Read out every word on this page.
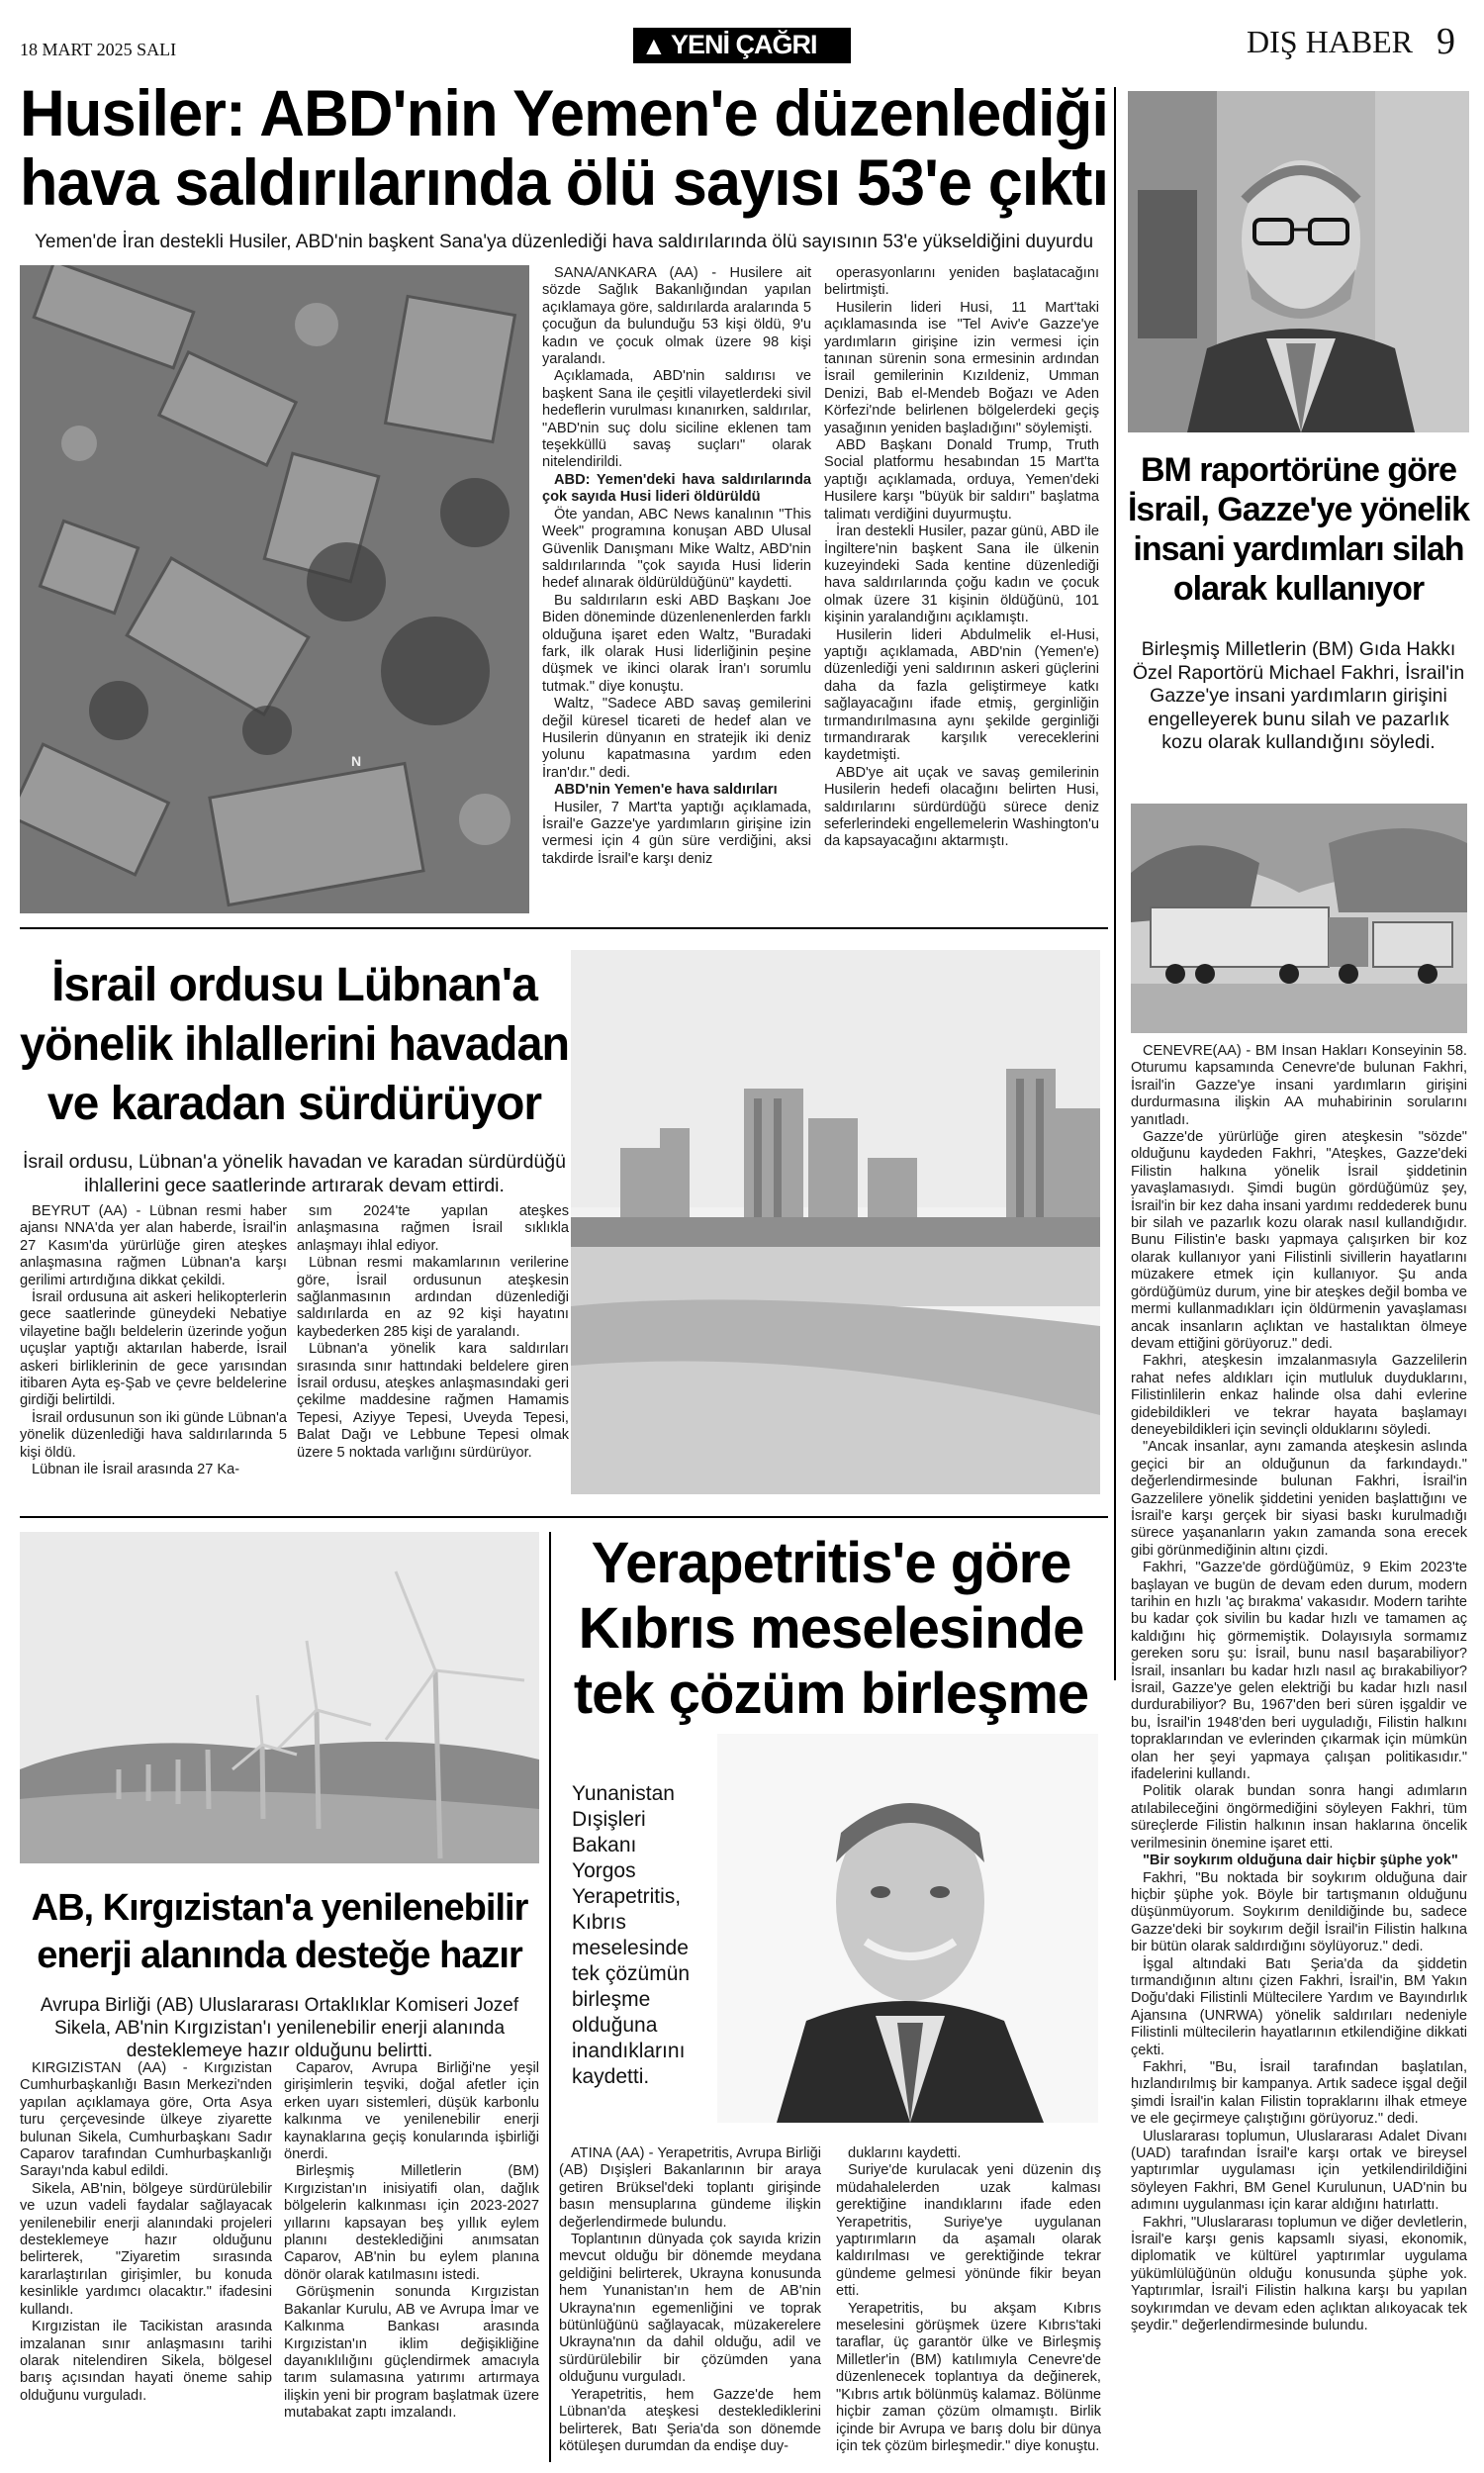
18 MART 2025 SALI	▲ YENİ ÇAĞRI	DIŞ HABER 9
Husiler: ABD'nin Yemen'e düzenlediği
hava saldırılarında ölü sayısı 53'e çıktı
Yemen'de İran destekli Husiler, ABD'nin başkent Sana'ya düzenlediği hava saldırılarında ölü sayısının 53'e yükseldiğini duyurdu
N

SANA/ANKARA (AA) - Husilere ait sözde Sağlık Bakanlığından yapılan açıklamaya göre, saldırılarda aralarında 5 çocuğun da bulunduğu 53 kişi öldü, 9'u kadın ve çocuk olmak üzere 98 kişi yaralandı.

Açıklamada, ABD'nin saldırısı ve başkent Sana ile çeşitli vilayetlerdeki sivil hedeflerin vurulması kınanırken, saldırılar, "ABD'nin suç dolu siciline eklenen tam teşekküllü savaş suçları" olarak nitelendirildi.

ABD: Yemen'deki hava saldırılarında çok sayıda Husi lideri öldürüldü

Öte yandan, ABC News kanalının "This Week" programına konuşan ABD Ulusal Güvenlik Danışmanı Mike Waltz, ABD'nin saldırılarında "çok sayıda Husi liderin hedef alınarak öldürüldüğünü" kaydetti.

Bu saldırıların eski ABD Başkanı Joe Biden döneminde düzenlenenlerden farklı olduğuna işaret eden Waltz, "Buradaki fark, ilk olarak Husi liderliğinin peşine düşmek ve ikinci olarak İran'ı sorumlu tutmak." diye konuştu.

Waltz, "Sadece ABD savaş gemilerini değil küresel ticareti de hedef alan ve Husilerin dünyanın en stratejik iki deniz yolunu kapatmasına yardım eden İran'dır." dedi.

ABD'nin Yemen'e hava saldırıları

Husiler, 7 Mart'ta yaptığı açıklamada, İsrail'e Gazze'ye yardımların girişine izin vermesi için 4 gün süre verdiğini, aksi takdirde İsrail'e karşı deniz

operasyonlarını yeniden başlatacağını belirtmişti.

Husilerin lideri Husi, 11 Mart'taki açıklamasında ise "Tel Aviv'e Gazze'ye yardımların girişine izin vermesi için tanınan sürenin sona ermesinin ardından İsrail gemilerinin Kızıldeniz, Umman Denizi, Bab el-Mendeb Boğazı ve Aden Körfezi'nde belirlenen bölgelerdeki geçiş yasağının yeniden başladığını" söylemişti.

ABD Başkanı Donald Trump, Truth Social platformu hesabından 15 Mart'ta yaptığı açıklamada, orduya, Yemen'deki Husilere karşı "büyük bir saldırı" başlatma talimatı verdiğini duyurmuştu.

İran destekli Husiler, pazar günü, ABD ile İngiltere'nin başkent Sana ile ülkenin kuzeyindeki Sada kentine düzenlediği hava saldırılarında çoğu kadın ve çocuk olmak üzere 31 kişinin öldüğünü, 101 kişinin yaralandığını açıklamıştı.

Husilerin lideri Abdulmelik el-Husi, yaptığı açıklamada, ABD'nin (Yemen'e) düzenlediği yeni saldırının askeri güçlerini daha da fazla geliştirmeye katkı sağlayacağını ifade etmiş, gerginliğin tırmandırılmasına aynı şekilde gerginliği tırmandırarak karşılık vereceklerini kaydetmişti.

ABD'ye ait uçak ve savaş gemilerinin Husilerin hedefi olacağını belirten Husi, saldırılarını sürdürdüğü sürece deniz seferlerindeki engellemelerin Washington'u da kapsayacağını aktarmıştı.

BM raportörüne göre
İsrail, Gazze'ye yönelik
insani yardımları silah
olarak kullanıyor
Birleşmiş Milletlerin (BM) Gıda Hakkı Özel Raportörü Michael Fakhri, İsrail'in Gazze'ye insani yardımların girişini engelleyerek bunu silah ve pazarlık kozu olarak kullandığını söyledi.

CENEVRE(AA) - BM İnsan Hakları Konseyinin 58. Oturumu kapsamında Cenevre'de bulunan Fakhri, İsrail'in Gazze'ye insani yardımların girişini durdurmasına ilişkin AA muhabirinin sorularını yanıtladı.

Gazze'de yürürlüğe giren ateşkesin "sözde" olduğunu kaydeden Fakhri, "Ateşkes, Gazze'deki Filistin halkına yönelik İsrail şiddetinin yavaşlamasıydı. Şimdi bugün gördüğümüz şey, İsrail'in bir kez daha insani yardımı reddederek bunu bir silah ve pazarlık kozu olarak nasıl kullandığıdır. Bunu Filistin'e baskı yapmaya çalışırken bir koz olarak kullanıyor yani Filistinli sivillerin hayatlarını müzakere etmek için kullanıyor. Şu anda gördüğümüz durum, yine bir ateşkes değil bomba ve mermi kullanmadıkları için öldürmenin yavaşlaması ancak insanların açlıktan ve hastalıktan ölmeye devam ettiğini görüyoruz." dedi.

Fakhri, ateşkesin imzalanmasıyla Gazzelilerin rahat nefes aldıkları için mutluluk duyduklarını, Filistinlilerin enkaz halinde olsa dahi evlerine gidebildikleri ve tekrar hayata başlamayı deneyebildikleri için sevinçli olduklarını söyledi.

"Ancak insanlar, aynı zamanda ateşkesin aslında geçici bir an olduğunun da farkındaydı." değerlendirmesinde bulunan Fakhri, İsrail'in Gazzelilere yönelik şiddetini yeniden başlattığını ve İsrail'e karşı gerçek bir siyasi baskı kurulmadığı sürece yaşananların yakın zamanda sona erecek gibi görünmediğinin altını çizdi.

Fakhri, "Gazze'de gördüğümüz, 9 Ekim 2023'te başlayan ve bugün de devam eden durum, modern tarihin en hızlı 'aç bırakma' vakasıdır. Modern tarihte bu kadar çok sivilin bu kadar hızlı ve tamamen aç kaldığını hiç görmemiştik. Dolayısıyla sormamız gereken soru şu: İsrail, bunu nasıl başarabiliyor? İsrail, insanları bu kadar hızlı nasıl aç bırakabiliyor? İsrail, Gazze'ye gelen elektriği bu kadar hızlı nasıl durdurabiliyor? Bu, 1967'den beri süren işgaldir ve bu, İsrail'in 1948'den beri uyguladığı, Filistin halkını topraklarından ve evlerinden çıkarmak için mümkün olan her şeyi yapmaya çalışan politikasıdır." ifadelerini kullandı.

Politik olarak bundan sonra hangi adımların atılabileceğini öngörmediğini söyleyen Fakhri, tüm süreçlerde Filistin halkının insan haklarına öncelik verilmesinin önemine işaret etti.

"Bir soykırım olduğuna dair hiçbir şüphe yok"

Fakhri, "Bu noktada bir soykırım olduğuna dair hiçbir şüphe yok. Böyle bir tartışmanın olduğunu düşünmüyorum. Soykırım denildiğinde bu, sadece Gazze'deki bir soykırım değil İsrail'in Filistin halkına bir bütün olarak saldırdığını söylüyoruz." dedi.

İşgal altındaki Batı Şeria'da da şiddetin tırmandığının altını çizen Fakhri, İsrail'in, BM Yakın Doğu'daki Filistinli Mültecilere Yardım ve Bayındırlık Ajansına (UNRWA) yönelik saldırıları nedeniyle Filistinli mültecilerin hayatlarının etkilendiğine dikkati çekti.

Fakhri, "Bu, İsrail tarafından başlatılan, hızlandırılmış bir kampanya. Artık sadece işgal değil şimdi İsrail'in kalan Filistin topraklarını ilhak etmeye ve ele geçirmeye çalıştığını görüyoruz." dedi.

Uluslararası toplumun, Uluslararası Adalet Divanı (UAD) tarafından İsrail'e karşı ortak ve bireysel yaptırımlar uygulaması için yetkilendirildiğini söyleyen Fakhri, BM Genel Kurulunun, UAD'nin bu adımını uygulanması için karar aldığını hatırlattı.

Fakhri, "Uluslararası toplumun ve diğer devletlerin, İsrail'e karşı genis kapsamlı siyasi, ekonomik, diplomatik ve kültürel yaptırımlar uygulama yükümlülüğünün olduğu konusunda şüphe yok. Yaptırımlar, İsrail'i Filistin halkına karşı bu yapılan soykırımdan ve devam eden açlıktan alıkoyacak tek şeydir." değerlendirmesinde bulundu.

İsrail ordusu Lübnan'a
yönelik ihlallerini havadan
ve karadan sürdürüyor
İsrail ordusu, Lübnan'a yönelik havadan ve karadan sürdürdüğü ihlallerini gece saatlerinde artırarak devam ettirdi.

BEYRUT (AA) - Lübnan resmi haber ajansı NNA'da yer alan haberde, İsrail'in 27 Kasım'da yürürlüğe giren ateşkes anlaşmasına rağmen Lübnan'a karşı gerilimi artırdığına dikkat çekildi.

İsrail ordusuna ait askeri helikopterlerin gece saatlerinde güneydeki Nebatiye vilayetine bağlı beldelerin üzerinde yoğun uçuşlar yaptığı aktarılan haberde, İsrail askeri birliklerinin de gece yarısından itibaren Ayta eş-Şab ve çevre beldelerine girdiği belirtildi.

İsrail ordusunun son iki günde Lübnan'a yönelik düzenlediği hava saldırılarında 5 kişi öldü.

Lübnan ile İsrail arasında 27 Ka-

sım 2024'te yapılan ateşkes anlaşmasına rağmen İsrail sıklıkla anlaşmayı ihlal ediyor.

Lübnan resmi makamlarının verilerine göre, İsrail ordusunun ateşkesin sağlanmasının ardından düzenlediği saldırılarda en az 92 kişi hayatını kaybederken 285 kişi de yaralandı.

Lübnan'a yönelik kara saldırıları sırasında sınır hattındaki beldelere giren İsrail ordusu, ateşkes anlaşmasındaki geri çekilme maddesine rağmen Hamamis Tepesi, Aziyye Tepesi, Uveyda Tepesi, Balat Dağı ve Lebbune Tepesi olmak üzere 5 noktada varlığını sürdürüyor.

AB, Kırgızistan'a yenilenebilir
enerji alanında desteğe hazır
Avrupa Birliği (AB) Uluslararası Ortaklıklar Komiseri Jozef Sikela, AB'nin Kırgızistan'ı yenilenebilir enerji alanında desteklemeye hazır olduğunu belirtti.

KIRGIZİSTAN (AA) - Kırgızistan Cumhurbaşkanlığı Basın Merkezi'nden yapılan açıklamaya göre, Orta Asya turu çerçevesinde ülkeye ziyarette bulunan Sikela, Cumhurbaşkanı Sadır Caparov tarafından Cumhurbaşkanlığı Sarayı'nda kabul edildi.

Sikela, AB'nin, bölgeye sürdürülebilir ve uzun vadeli faydalar sağlayacak yenilenebilir enerji alanındaki projeleri desteklemeye hazır olduğunu belirterek, "Ziyaretim sırasında kararlaştırılan girişimler, bu konuda kesinlikle yardımcı olacaktır." ifadesini kullandı.

Kırgızistan ile Tacikistan arasında imzalanan sınır anlaşmasını tarihi olarak nitelendiren Sikela, bölgesel barış açısından hayati öneme sahip olduğunu vurguladı.

Caparov, Avrupa Birliği'ne yeşil girişimlerin teşviki, doğal afetler için erken uyarı sistemleri, düşük karbonlu kalkınma ve yenilenebilir enerji kaynaklarına geçiş konularında işbirliği önerdi.

Birleşmiş Milletlerin (BM) Kırgızistan'ın inisiyatifi olan, dağlık bölgelerin kalkınması için 2023-2027 yıllarını kapsayan beş yıllık eylem planını desteklediğini anımsatan Caparov, AB'nin bu eylem planına dönör olarak katılmasını istedi.

Görüşmenin sonunda Kırgızistan Bakanlar Kurulu, AB ve Avrupa İmar ve Kalkınma Bankası arasında Kırgızistan'ın iklim değişikliğine dayanıklılığını güçlendirmek amacıyla tarım sulamasına yatırımı artırmaya ilişkin yeni bir program başlatmak üzere mutabakat zaptı imzalandı.

Yerapetritis'e göre
Kıbrıs meselesinde
tek çözüm birleşme
Yunanistan
Dışişleri
Bakanı
Yorgos
Yerapetritis,
Kıbrıs
meselesinde
tek çözümün
birleşme
olduğuna
inandıklarını
kaydetti.

ATİNA (AA) - Yerapetritis, Avrupa Birliği (AB) Dışişleri Bakanlarının bir araya getiren Brüksel'deki toplantı girişinde basın mensuplarına gündeme ilişkin değerlendirmede bulundu.

Toplantının dünyada çok sayıda krizin mevcut olduğu bir dönemde meydana geldiğini belirterek, Ukrayna konusunda hem Yunanistan'ın hem de AB'nin Ukrayna'nın egemenliğini ve toprak bütünlüğünü sağlayacak, müzakerelere Ukrayna'nın da dahil olduğu, adil ve sürdürülebilir bir çözümden yana olduğunu vurguladı.

Yerapetritis, hem Gazze'de hem Lübnan'da ateşkesi desteklediklerini belirterek, Batı Şeria'da son dönemde kötüleşen durumdan da endişe duy-

duklarını kaydetti.

Suriye'de kurulacak yeni düzenin dış müdahalelerden uzak kalması gerektiğine inandıklarını ifade eden Yerapetritis, Suriye'ye uygulanan yaptırımların da aşamalı olarak kaldırılması ve gerektiğinde tekrar gündeme gelmesi yönünde fikir beyan etti.

Yerapetritis, bu akşam Kıbrıs meselesini görüşmek üzere Kıbrıs'taki taraflar, üç garantör ülke ve Birleşmiş Milletler'in (BM) katılımıyla Cenevre'de düzenlenecek toplantıya da değinerek, "Kıbrıs artık bölünmüş kalamaz. Bölünme hiçbir zaman çözüm olmamıştı. Birlik içinde bir Avrupa ve barış dolu bir dünya için tek çözüm birleşmedir." diye konuştu.
